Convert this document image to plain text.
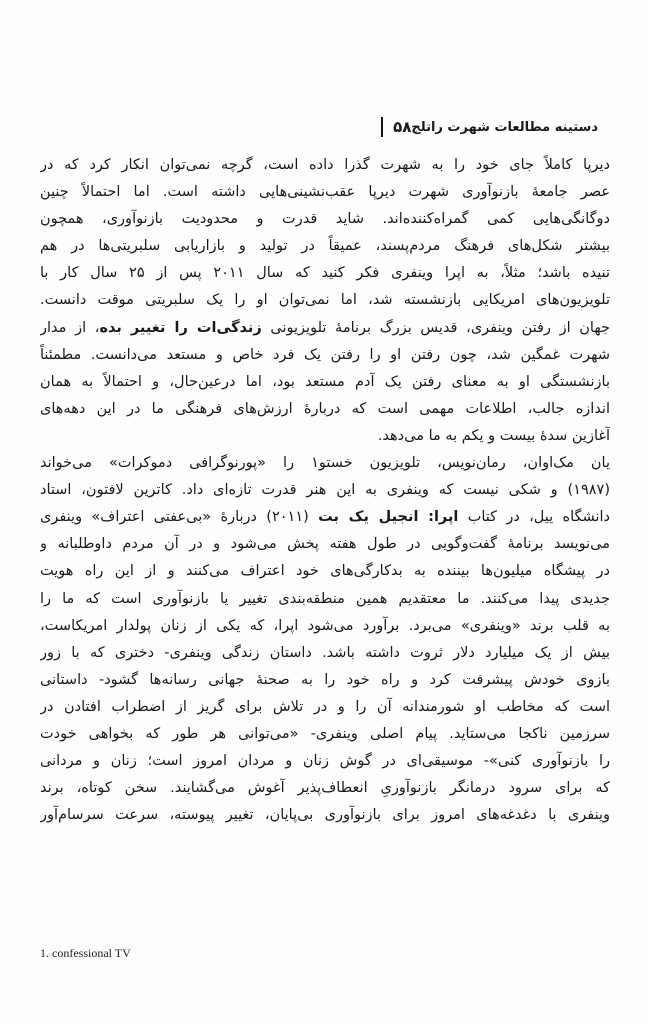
۵۸ دستینه مطالعات شهرت راتلج
دیرپا کاملاً جای خود را به شهرت گذرا داده است، گرچه نمی‌توان انکار کرد که در
عصر جامعهٔ بازنوآوری شهرت دیرپا عقب‌نشینی‌هایی داشته است. اما احتمالاً چنین
دوگانگی‌هایی کمی گمراه‌کننده‌اند. شاید قدرت و محدودیت بازنوآوری، همچون
بیشتر شکل‌های فرهنگ مردم‌پسند، عمیقاً در تولید و بازاریابی سلبریتی‌ها در هم
تنیده باشد؛ مثلاً، به اپرا وینفری فکر کنید که سال ۲۰۱۱ پس از ۲۵ سال کار با
تلویزیون‌های امریکایی بازنشسته شد، اما نمی‌توان او را یک سلبریتی موقت دانست.
جهان از رفتن وینفری، قدیس بزرگ برنامهٔ تلویزیونی زندگی‌ات را تغییر بده، از مدار
شهرت غمگین شد، چون رفتن او را رفتن یک فرد خاص و مستعد می‌دانست. مطمئناً
بازنشستگی او به معنای رفتن یک آدم مستعد بود، اما درعین‌حال، و احتمالاً به همان
اندازه جالب، اطلاعات مهمی است که دربارهٔ ارزش‌های فرهنگی ما در این دهه‌های
آغازین سدهٔ بیست و یکم به ما می‌دهد.
یان مک‌اوان، رمان‌نویس، تلویزیون خستو۱ را «پورنوگرافی دموکرات» می‌خواند
(۱۹۸۷) و شکی نیست که وینفری به این هنر قدرت تازه‌ای داد. کاترین لافتون، استاد
دانشگاه ییل، در کتاب اپرا: انجیل یک بت (۲۰۱۱) دربارهٔ «بی‌عفتی اعتراف» وینفری
می‌نویسد برنامهٔ گفت‌وگویی در طول هفته پخش می‌شود و در آن مردم داوطلبانه و
در پیشگاه میلیون‌ها بیننده به بدکارگی‌های خود اعتراف می‌کنند و از این راه هویت
جدیدی پیدا می‌کنند. ما معتقدیم همین منطقه‌بندی تغییر یا بازنوآوری است که ما را
به قلب برند «وینفری» می‌برد. برآورد می‌شود اپرا، که یکی از زنان پولدار امریکاست،
بیش از یک میلیارد دلار ثروت داشته باشد. داستان زندگی وینفری- دختری که با زور
بازوی خودش پیشرفت کرد و راه خود را به صحنهٔ جهانی رسانه‌ها گشود- داستانی
است که مخاطب او شورمندانه آن را و در تلاش برای گریز از اضطراب افتادن در
سرزمین ناکجا می‌ستاید. پیام اصلی وینفری- «می‌توانی هر طور که بخواهی خودت
را بازنوآوری کنی»- موسیقی‌ای در گوش زنان و مردان امروز است؛ زنان و مردانی
که برای سرود درمانگر بازنوآوریِ انعطاف‌پذیر آغوش می‌گشایند. سخن کوتاه، برند
وینفری با دغدغه‌های امروز برای بازنوآوری بی‌پایان، تغییر پیوسته، سرعت سرسام‌آور
1. confessional TV
